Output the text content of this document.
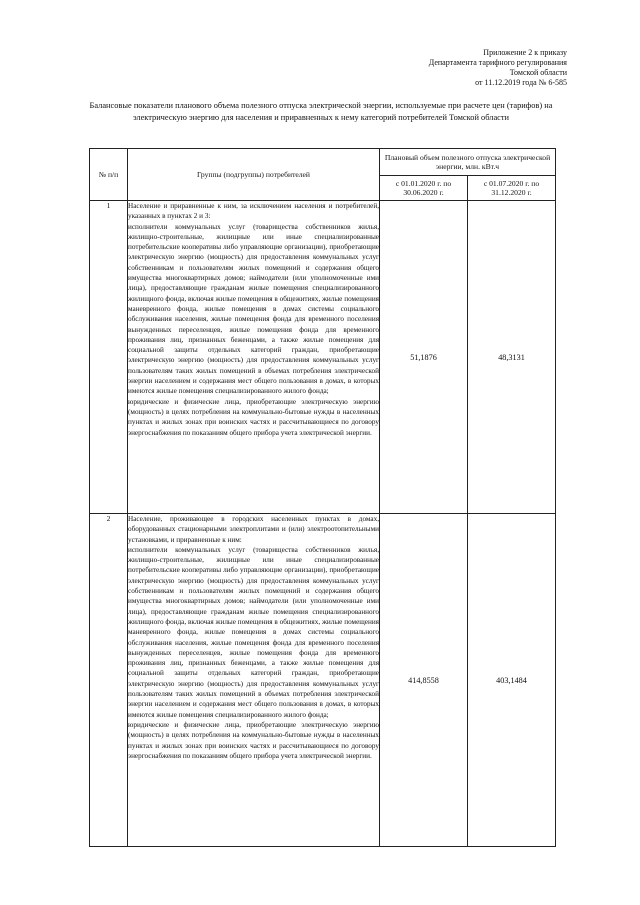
Приложение 2 к приказу
Департамента тарифного регулирования
Томской области
от 11.12.2019 года № 6-585
Балансовые показатели планового объема полезного отпуска электрической энергии, используемые при расчете цен (тарифов) на электрическую энергию для населения и приравненных к нему категорий потребителей Томской области
№ п/п	Группы (подгруппы) потребителей	Плановый объем полезного отпуска электрической энергии, млн. кВт.ч	
		с 01.01.2020 г. по 30.06.2020 г.	с 01.07.2020 г. по 31.12.2020 г.
1	Население и приравненные к ним, за исключением населения и потребителей, указанных в пунктах 2 и 3:

исполнители коммунальных услуг (товарищества собственников жилья, жилищно-строительные, жилищные или иные специализированные потребительские кооперативы либо управляющие организации), приобретающие электрическую энергию (мощность) для предоставления коммунальных услуг собственникам и пользователям жилых помещений и содержания общего имущества многоквартирных домов; наймодатели (или уполномоченные ими лица), предоставляющие гражданам жилые помещения специализированного жилищного фонда, включая жилые помещения в общежитиях, жилые помещения маневренного фонда, жилые помещения в домах системы социального обслуживания населения, жилые помещения фонда для временного поселения вынужденных переселенцев, жилые помещения фонда для временного проживания лиц, признанных беженцами, а также жилые помещения для социальной защиты отдельных категорий граждан, приобретающие электрическую энергию (мощность) для предоставления коммунальных услуг пользователям таких жилых помещений в объемах потребления электрической энергии населением и содержания мест общего пользования в домах, в которых имеются жилые помещения специализированного жилого фонда;

юридические и физические лица, приобретающие электрическую энергию (мощность) в целях потребления на коммунально-бытовые нужды в населенных пунктах и жилых зонах при воинских частях и рассчитывающиеся по договору энергоснабжения по показаниям общего прибора учета электрической энергии.	51,1876	48,3131
2	Население, проживающее в городских населенных пунктах в домах, оборудованных стационарными электроплитами и (или) электроотопительными установками, и приравненные к ним:

исполнители коммунальных услуг (товарищества собственников жилья, жилищно-строительные, жилищные или иные специализированные потребительские кооперативы либо управляющие организации), приобретающие электрическую энергию (мощность) для предоставления коммунальных услуг собственникам и пользователям жилых помещений и содержания общего имущества многоквартирных домов; наймодатели (или уполномоченные ими лица), предоставляющие гражданам жилые помещения специализированного жилищного фонда, включая жилые помещения в общежитиях, жилые помещения маневренного фонда, жилые помещения в домах системы социального обслуживания населения, жилые помещения фонда для временного поселения вынужденных переселенцев, жилые помещения фонда для временного проживания лиц, признанных беженцами, а также жилые помещения для социальной защиты отдельных категорий граждан, приобретающие электрическую энергию (мощность) для предоставления коммунальных услуг пользователям таких жилых помещений в объемах потребления электрической энергии населением и содержания мест общего пользования в домах, в которых имеются жилые помещения специализированного жилого фонда;

юридические и физические лица, приобретающие электрическую энергию (мощность) в целях потребления на коммунально-бытовые нужды в населенных пунктах и жилых зонах при воинских частях и рассчитывающиеся по договору энергоснабжения по показаниям общего прибора учета электрической энергии.	414,8558	403,1484
